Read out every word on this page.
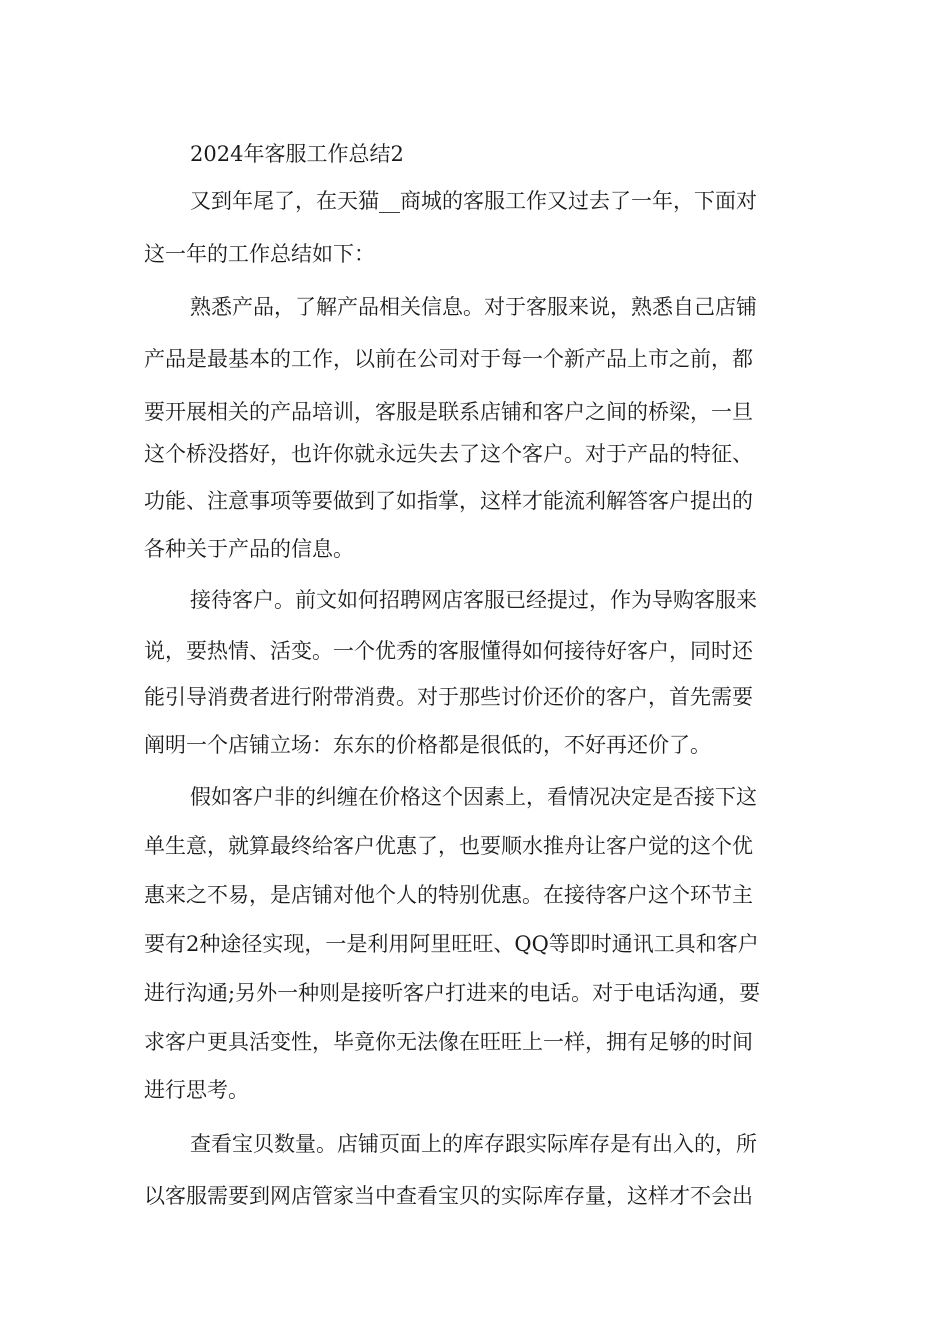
2024年客服工作总结2

又到年尾了，在天猫__商城的客服工作又过去了一年，下面对

这一年的工作总结如下：

熟悉产品，了解产品相关信息。对于客服来说，熟悉自己店铺

产品是最基本的工作，以前在公司对于每一个新产品上市之前，都

要开展相关的产品培训，客服是联系店铺和客户之间的桥梁，一旦

这个桥没搭好，也许你就永远失去了这个客户。对于产品的特征、

功能、注意事项等要做到了如指掌，这样才能流利解答客户提出的

各种关于产品的信息。

接待客户。前文如何招聘网店客服已经提过，作为导购客服来

说，要热情、活变。一个优秀的客服懂得如何接待好客户，同时还

能引导消费者进行附带消费。对于那些讨价还价的客户，首先需要

阐明一个店铺立场：东东的价格都是很低的，不好再还价了。

假如客户非的纠缠在价格这个因素上，看情况决定是否接下这

单生意，就算最终给客户优惠了，也要顺水推舟让客户觉的这个优

惠来之不易，是店铺对他个人的特别优惠。在接待客户这个环节主

要有2种途径实现，一是利用阿里旺旺、QQ等即时通讯工具和客户

进行沟通;另外一种则是接听客户打进来的电话。对于电话沟通，要

求客户更具活变性，毕竟你无法像在旺旺上一样，拥有足够的时间

进行思考。

查看宝贝数量。店铺页面上的库存跟实际库存是有出入的，所

以客服需要到网店管家当中查看宝贝的实际库存量，这样才不会出
